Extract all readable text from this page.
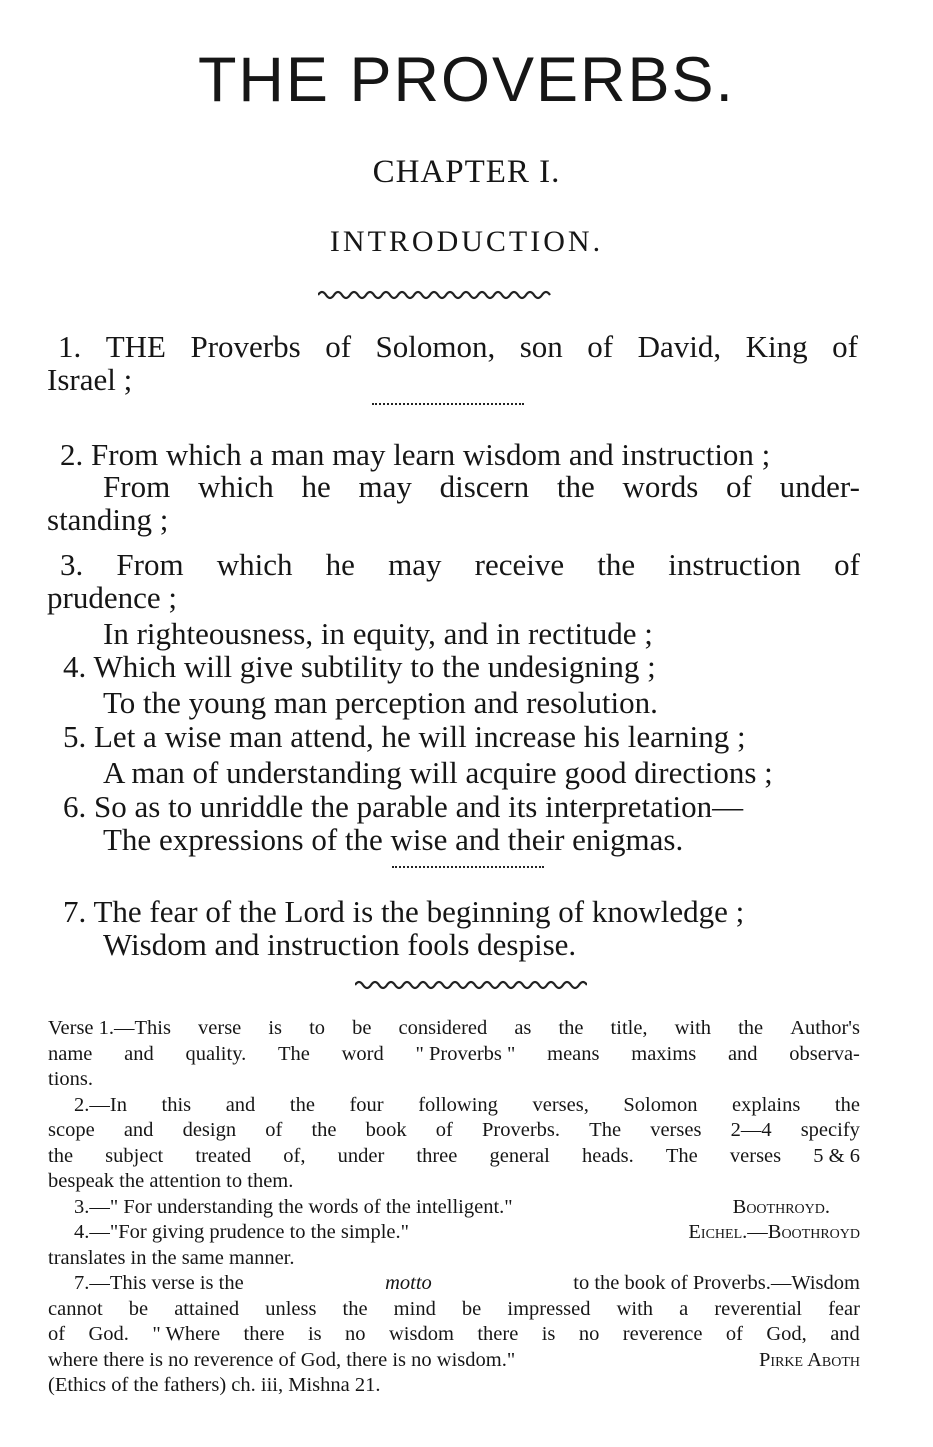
THE PROVERBS.
CHAPTER I.
INTRODUCTION.
1. THE Proverbs of Solomon, son of David, King of
Israel ;
2. From which a man may learn wisdom and instruction ;
From which he may discern the words of under-
standing ;
3. From which he may receive the instruction of
prudence ;
In righteousness, in equity, and in rectitude ;
4. Which will give subtility to the undesigning ;
To the young man perception and resolution.
5. Let a wise man attend, he will increase his learning ;
A man of understanding will acquire good directions ;
6. So as to unriddle the parable and its interpretation—
The expressions of the wise and their enigmas.
7. The fear of the Lord is the beginning of knowledge ;
Wisdom and instruction fools despise.
Verse 1.—This verse is to be considered as the title, with the Author's
name and quality. The word " Proverbs " means maxims and observa-
tions.
2.—In this and the four following verses, Solomon explains the
scope and design of the book of Proverbs. The verses 2—4 specify
the subject treated of, under three general heads. The verses 5 & 6
bespeak the attention to them.
3.—" For understanding the words of the intelligent."	Boothroyd.
4.—"For giving prudence to the simple."	Eichel.—Boothroyd
translates in the same manner.
7.—This verse is the	motto	to the book of Proverbs.—Wisdom
cannot be attained unless the mind be impressed with a reverential fear
of God. " Where there is no wisdom there is no reverence of God, and
where there is no reverence of God, there is no wisdom."	Pirke Aboth
(Ethics of the fathers) ch. iii, Mishna 21.
